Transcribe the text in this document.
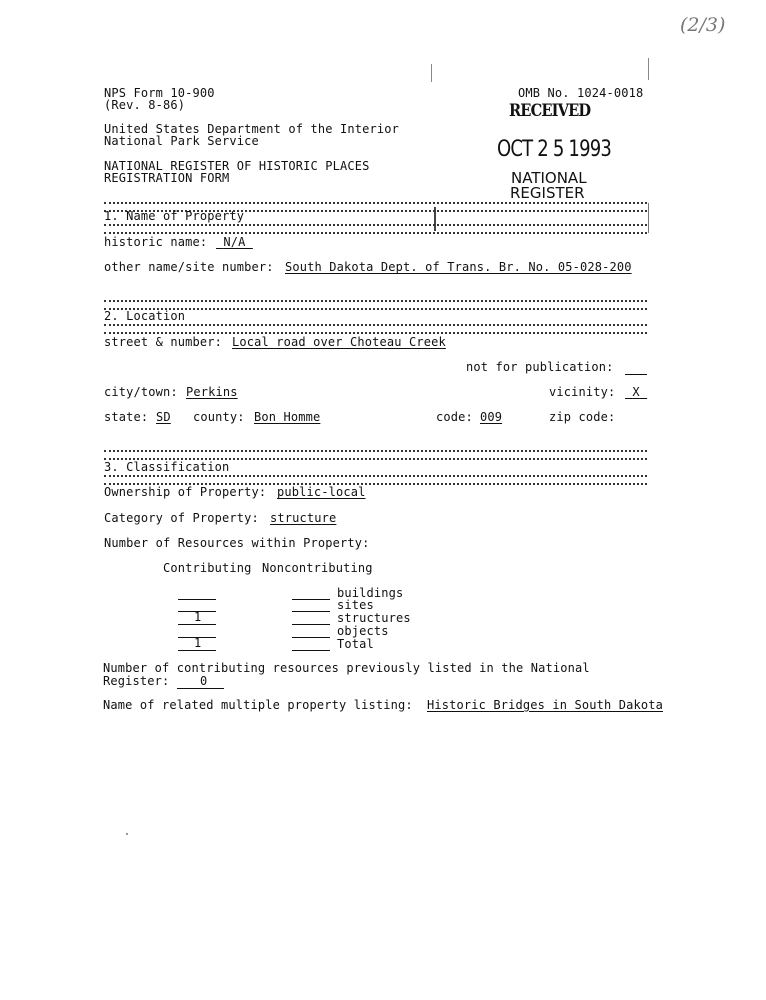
(2/3)
NPS Form 10-900
(Rev. 8-86)
OMB No. 1024-0018
United States Department of the Interior
National Park Service
NATIONAL REGISTER OF HISTORIC PLACES
REGISTRATION FORM
RECEIVED
OCT 2 5 1993
NATIONAL
REGISTER
1. Name of Property
historic name:	N/A
other name/site number: South Dakota Dept. of Trans. Br. No. 05-028-200
2. Location
street & number: Local road over Choteau Creek
not for publication:
city/town: Perkins	vicinity:	X
state: SD county: Bon Homme	code: 009	zip code:
3. Classification
Ownership of Property: public-local
Category of Property: structure
Number of Resources within Property:
Contributing Noncontributing
buildings
sites
1	structures
objects
1	Total
Number of contributing resources previously listed in the National
Register:	0
Name of related multiple property listing: Historic Bridges in South Dakota
